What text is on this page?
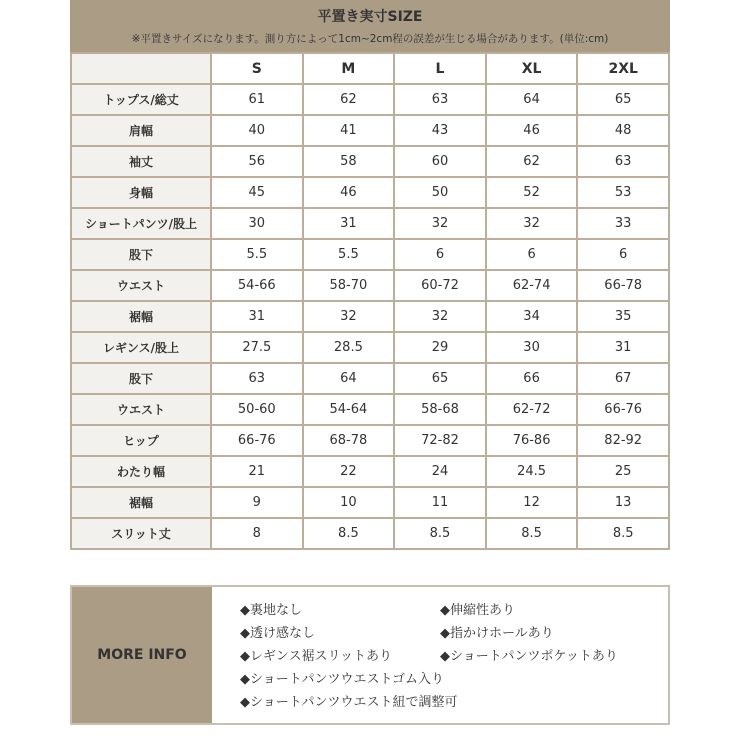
平置き実寸SIZE
※平置きサイズになります。測り方によって1cm~2cm程の誤差が生じる場合があります。(単位:cm)
	S	M	L	XL	2XL
トップス/総丈	61	62	63	64	65
肩幅	40	41	43	46	48
袖丈	56	58	60	62	63
身幅	45	46	50	52	53
ショートパンツ/股上	30	31	32	32	33
股下	5.5	5.5	6	6	6
ウエスト	54-66	58-70	60-72	62-74	66-78
裾幅	31	32	32	34	35
レギンス/股上	27.5	28.5	29	30	31
股下	63	64	65	66	67
ウエスト	50-60	54-64	58-68	62-72	66-76
ヒップ	66-76	68-78	72-82	76-86	82-92
わたり幅	21	22	24	24.5	25
裾幅	9	10	11	12	13
スリット丈	8	8.5	8.5	8.5	8.5
MORE INFO
◆裏地なし	◆伸縮性あり
◆透け感なし	◆指かけホールあり
◆レギンス裾スリットあり	◆ショートパンツポケットあり
◆ショートパンツウエストゴム入り
◆ショートパンツウエスト紐で調整可
